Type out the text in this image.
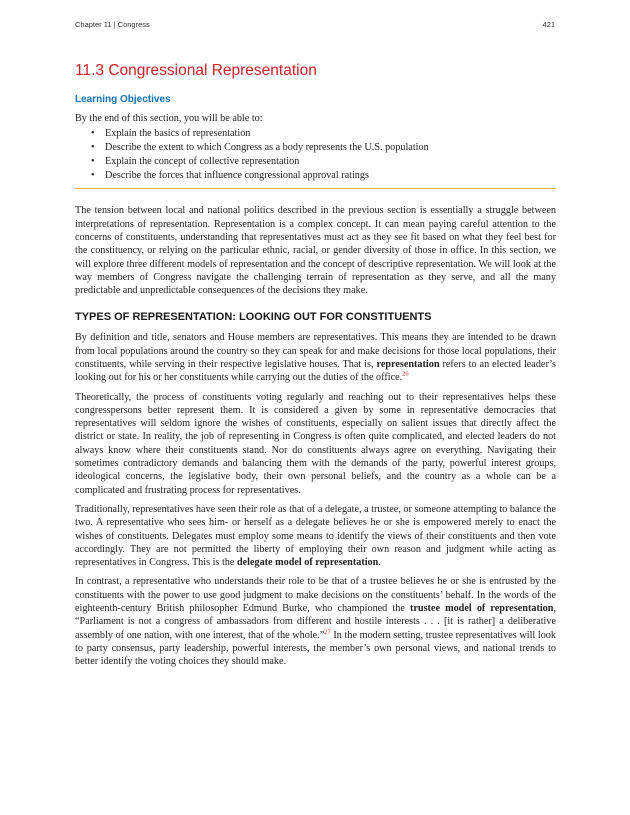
Chapter 11 | Congress	421
11.3 Congressional Representation
Learning Objectives

By the end of this section, you will be able to:

• Explain the basics of representation
• Describe the extent to which Congress as a body represents the U.S. population
• Explain the concept of collective representation
• Describe the forces that influence congressional approval ratings

The tension between local and national politics described in the previous section is essentially a struggle between interpretations of representation. Representation is a complex concept. It can mean paying careful attention to the concerns of constituents, understanding that representatives must act as they see fit based on what they feel best for the constituency, or relying on the particular ethnic, racial, or gender diversity of those in office. In this section, we will explore three different models of representation and the concept of descriptive representation. We will look at the way members of Congress navigate the challenging terrain of representation as they serve, and all the many predictable and unpredictable consequences of the decisions they make.

TYPES OF REPRESENTATION: LOOKING OUT FOR CONSTITUENTS

By definition and title, senators and House members are representatives. This means they are intended to be drawn from local populations around the country so they can speak for and make decisions for those local populations, their constituents, while serving in their respective legislative houses. That is, representation refers to an elected leader’s looking out for his or her constituents while carrying out the duties of the office.$^{26}$

Theoretically, the process of constituents voting regularly and reaching out to their representatives helps these congresspersons better represent them. It is considered a given by some in representative democracies that representatives will seldom ignore the wishes of constituents, especially on salient issues that directly affect the district or state. In reality, the job of representing in Congress is often quite complicated, and elected leaders do not always know where their constituents stand. Nor do constituents always agree on everything. Navigating their sometimes contradictory demands and balancing them with the demands of the party, powerful interest groups, ideological concerns, the legislative body, their own personal beliefs, and the country as a whole can be a complicated and frustrating process for representatives.

Traditionally, representatives have seen their role as that of a delegate, a trustee, or someone attempting to balance the two. A representative who sees him- or herself as a delegate believes he or she is empowered merely to enact the wishes of constituents. Delegates must employ some means to identify the views of their constituents and then vote accordingly. They are not permitted the liberty of employing their own reason and judgment while acting as representatives in Congress. This is the delegate model of representation.

In contrast, a representative who understands their role to be that of a trustee believes he or she is entrusted by the constituents with the power to use good judgment to make decisions on the constituents’ behalf. In the words of the eighteenth-century British philosopher Edmund Burke, who championed the trustee model of representation, “Parliament is not a congress of ambassadors from different and hostile interests . . . [it is rather] a deliberative assembly of one nation, with one interest, that of the whole.”$^{27}$ In the modern setting, trustee representatives will look to party consensus, party leadership, powerful interests, the member’s own personal views, and national trends to better identify the voting choices they should make.
